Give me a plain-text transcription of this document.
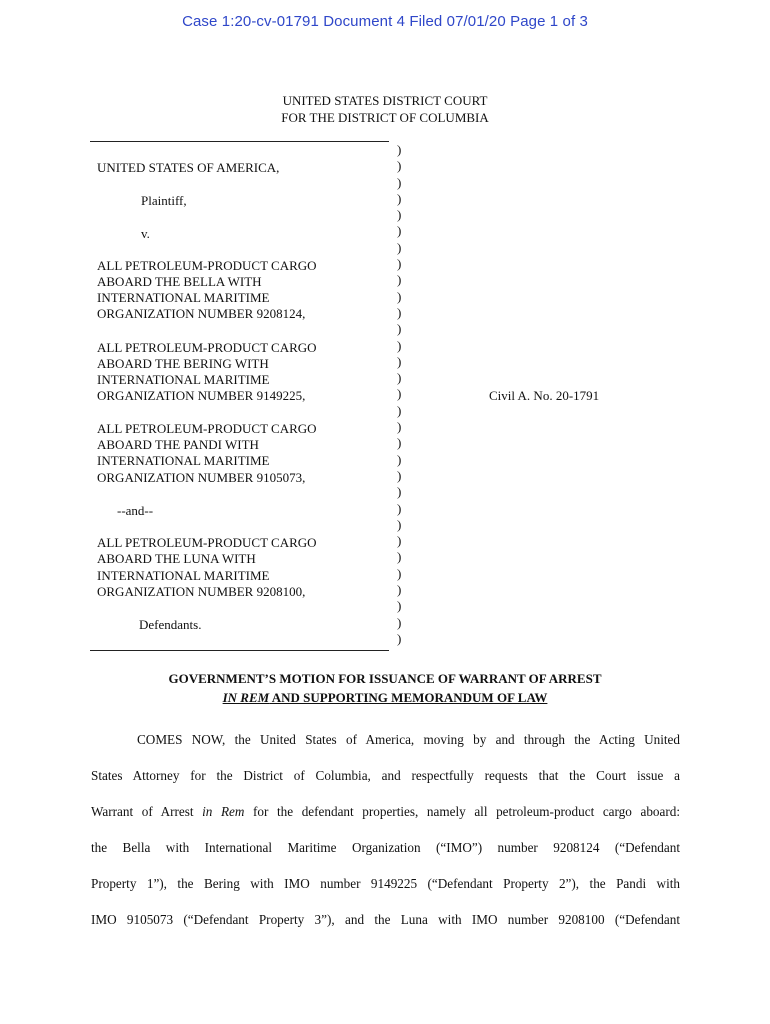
Case 1:20-cv-01791 Document 4 Filed 07/01/20 Page 1 of 3
UNITED STATES DISTRICT COURT
FOR THE DISTRICT OF COLUMBIA
UNITED STATES OF AMERICA,
Plaintiff,
v.
ALL PETROLEUM-PRODUCT CARGO
ABOARD THE BELLA WITH
INTERNATIONAL MARITIME
ORGANIZATION NUMBER 9208124,
ALL PETROLEUM-PRODUCT CARGO
ABOARD THE BERING WITH
INTERNATIONAL MARITIME
ORGANIZATION NUMBER 9149225,
ALL PETROLEUM-PRODUCT CARGO
ABOARD THE PANDI WITH
INTERNATIONAL MARITIME
ORGANIZATION NUMBER 9105073,
--and--
ALL PETROLEUM-PRODUCT CARGO
ABOARD THE LUNA WITH
INTERNATIONAL MARITIME
ORGANIZATION NUMBER 9208100,
Defendants.
)
)
)
)
)
)
)
)
)
)
)
)
)
)
)
)
)
)
)
)
)
)
)
)
)
)
)
)
)
)
)
Civil A. No. 20-1791
GOVERNMENT’S MOTION FOR ISSUANCE OF WARRANT OF ARREST
IN REM AND SUPPORTING MEMORANDUM OF LAW
COMES NOW, the United States of America, moving by and through the Acting United
States Attorney for the District of Columbia, and respectfully requests that the Court issue a
Warrant of Arrest in Rem for the defendant properties, namely all petroleum-product cargo aboard:
the Bella with International Maritime Organization (“IMO”) number 9208124 (“Defendant
Property 1”), the Bering with IMO number 9149225 (“Defendant Property 2”), the Pandi with
IMO 9105073 (“Defendant Property 3”), and the Luna with IMO number 9208100 (“Defendant
